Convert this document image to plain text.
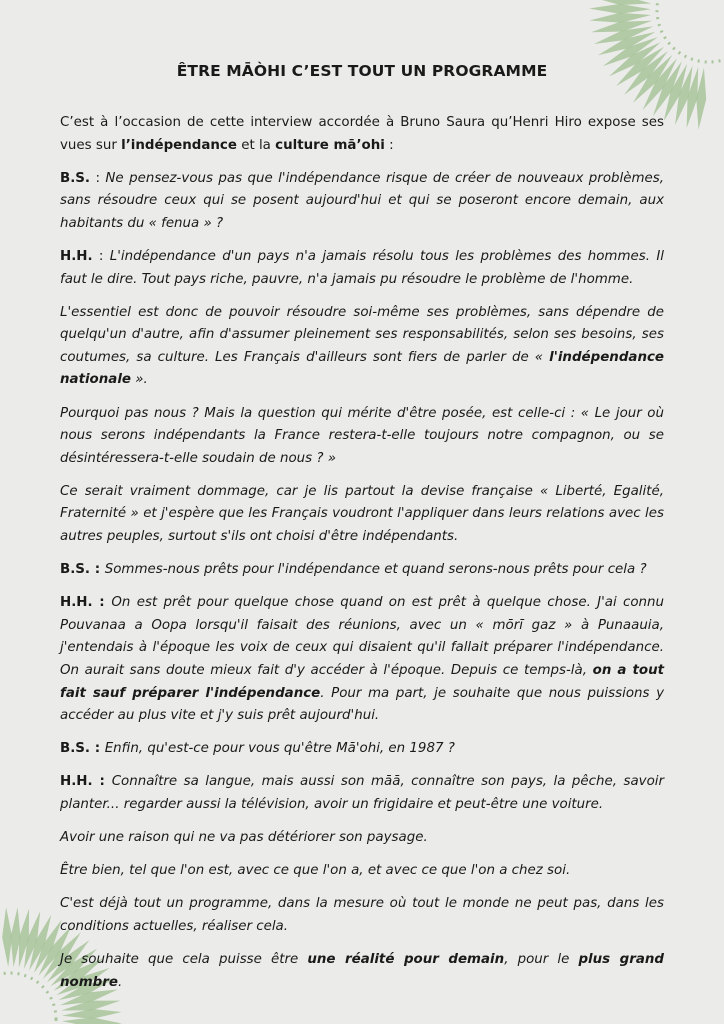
ÊTRE MĀÒHI C’EST TOUT UN PROGRAMME

C’est à l’occasion de cette interview accordée à Bruno Saura qu’Henri Hiro expose ses vues sur l’indépendance et la culture mā’ohi :

B.S. : Ne pensez-vous pas que l'indépendance risque de créer de nouveaux problèmes, sans résoudre ceux qui se posent aujourd'hui et qui se poseront encore demain, aux habitants du « fenua » ?

H.H. : L'indépendance d'un pays n'a jamais résolu tous les problèmes des hommes. Il faut le dire. Tout pays riche, pauvre, n'a jamais pu résoudre le problème de l'homme.

L'essentiel est donc de pouvoir résoudre soi-même ses problèmes, sans dépendre de quelqu'un d'autre, afin d'assumer pleinement ses responsabilités, selon ses besoins, ses coutumes, sa culture. Les Français d'ailleurs sont fiers de parler de « l'indépendance nationale ».

Pourquoi pas nous ? Mais la question qui mérite d'être posée, est celle-ci : « Le jour où nous serons indépendants la France restera-t-elle toujours notre compagnon, ou se désintéressera-t-elle soudain de nous ? »

Ce serait vraiment dommage, car je lis partout la devise française « Liberté, Egalité, Fraternité » et j'espère que les Français voudront l'appliquer dans leurs relations avec les autres peuples, surtout s'ils ont choisi d'être indépendants.

B.S. : Sommes-nous prêts pour l'indépendance et quand serons-nous prêts pour cela ?

H.H. : On est prêt pour quelque chose quand on est prêt à quelque chose. J'ai connu Pouvanaa a Oopa lorsqu'il faisait des réunions, avec un « mōrī gaz » à Punaauia, j'entendais à l'époque les voix de ceux qui disaient qu'il fallait préparer l'indépendance. On aurait sans doute mieux fait d'y accéder à l'époque. Depuis ce temps-là, on a tout fait sauf préparer l'indépendance. Pour ma part, je souhaite que nous puissions y accéder au plus vite et j'y suis prêt aujourd'hui.

B.S. : Enfin, qu'est-ce pour vous qu'être Mā'ohi, en 1987 ?

H.H. : Connaître sa langue, mais aussi son māā, connaître son pays, la pêche, savoir planter... regarder aussi la télévision, avoir un frigidaire et peut-être une voiture.

Avoir une raison qui ne va pas détériorer son paysage.

Être bien, tel que l'on est, avec ce que l'on a, et avec ce que l'on a chez soi.

C'est déjà tout un programme, dans la mesure où tout le monde ne peut pas, dans les conditions actuelles, réaliser cela.

Je souhaite que cela puisse être une réalité pour demain, pour le plus grand nombre.
